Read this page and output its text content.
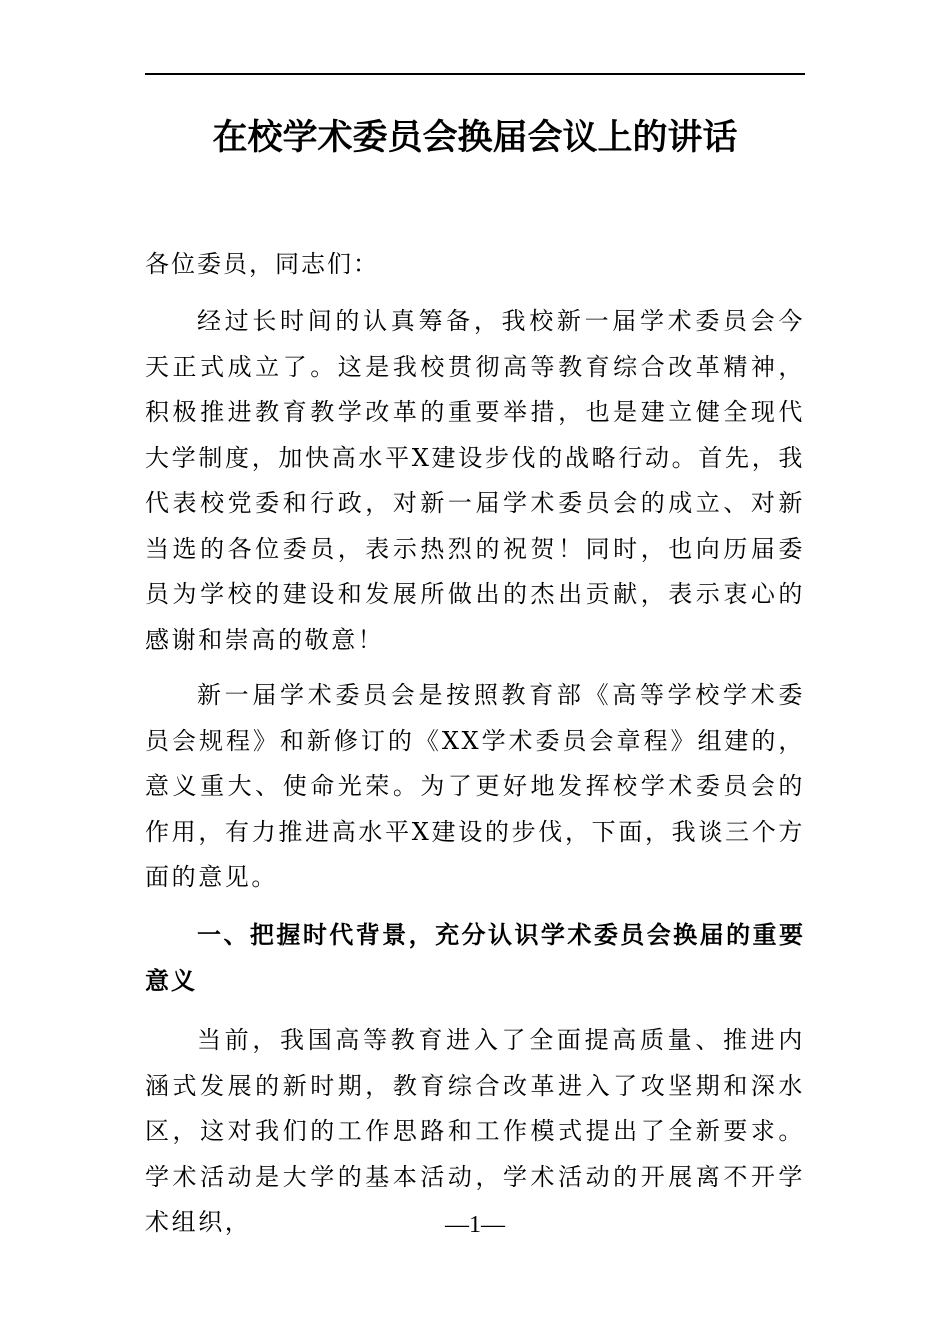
在校学术委员会换届会议上的讲话

各位委员，同志们：

经过长时间的认真筹备，我校新一届学术委员会今天正式成立了。这是我校贯彻高等教育综合改革精神，积极推进教育教学改革的重要举措，也是建立健全现代大学制度，加快高水平X建设步伐的战略行动。首先，我代表校党委和行政，对新一届学术委员会的成立、对新当选的各位委员，表示热烈的祝贺！同时，也向历届委员为学校的建设和发展所做出的杰出贡献，表示衷心的感谢和崇高的敬意！

新一届学术委员会是按照教育部《高等学校学术委员会规程》和新修订的《XX学术委员会章程》组建的，意义重大、使命光荣。为了更好地发挥校学术委员会的作用，有力推进高水平X建设的步伐，下面，我谈三个方面的意见。

一、把握时代背景，充分认识学术委员会换届的重要意义

当前，我国高等教育进入了全面提高质量、推进内涵式发展的新时期，教育综合改革进入了攻坚期和深水区，这对我们的工作思路和工作模式提出了全新要求。学术活动是大学的基本活动，学术活动的开展离不开学术组织，	—1—
